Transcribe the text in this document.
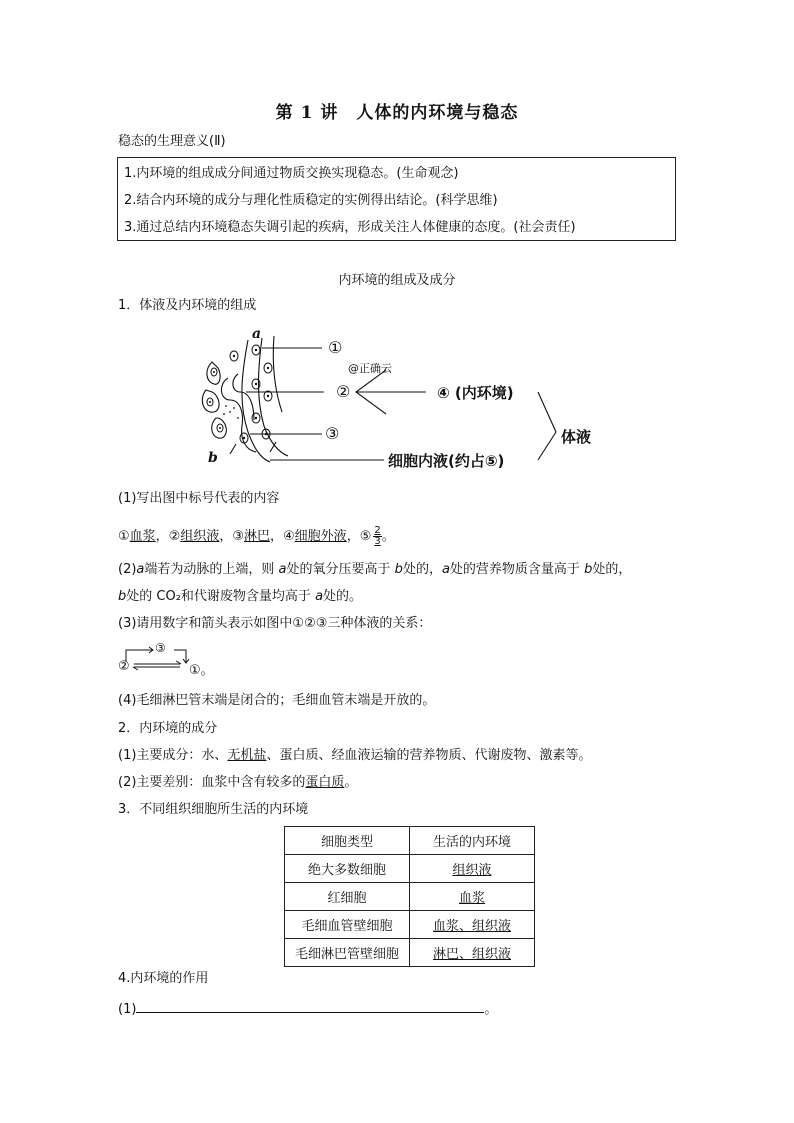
第 1 讲　人体的内环境与稳态
稳态的生理意义(Ⅱ)
1.内环境的组成成分间通过物质交换实现稳态。(生命观念)
2.结合内环境的成分与理化性质稳定的实例得出结论。(科学思维)
3.通过总结内环境稳态失调引起的疾病，形成关注人体健康的态度。(社会责任)
内环境的组成及成分
1．体液及内环境的组成
a
b
①
②
③
④ (内环境)
细胞内液(约占⑤)
体液
@正确云
(1)写出图中标号代表的内容
①血浆，②组织液，③淋巴，④细胞外液，⑤ $\frac{2}{3}$ 。
(2)a端若为动脉的上端，则 a处的氧分压要高于 b处的，a处的营养物质含量高于 b处的，
b处的 CO₂和代谢废物含量均高于 a处的。
(3)请用数字和箭头表示如图中①②③三种体液的关系：
③
②	①。
(4)毛细淋巴管末端是闭合的；毛细血管末端是开放的。
2．内环境的成分
(1)主要成分：水、无机盐、蛋白质、经血液运输的营养物质、代谢废物、激素等。
(2)主要差别：血浆中含有较多的蛋白质。
3．不同组织细胞所生活的内环境
细胞类型	生活的内环境
绝大多数细胞	组织液
红细胞	血浆
毛细血管壁细胞	血浆、组织液
毛细淋巴管壁细胞	淋巴、组织液
4.内环境的作用
(1)	。
